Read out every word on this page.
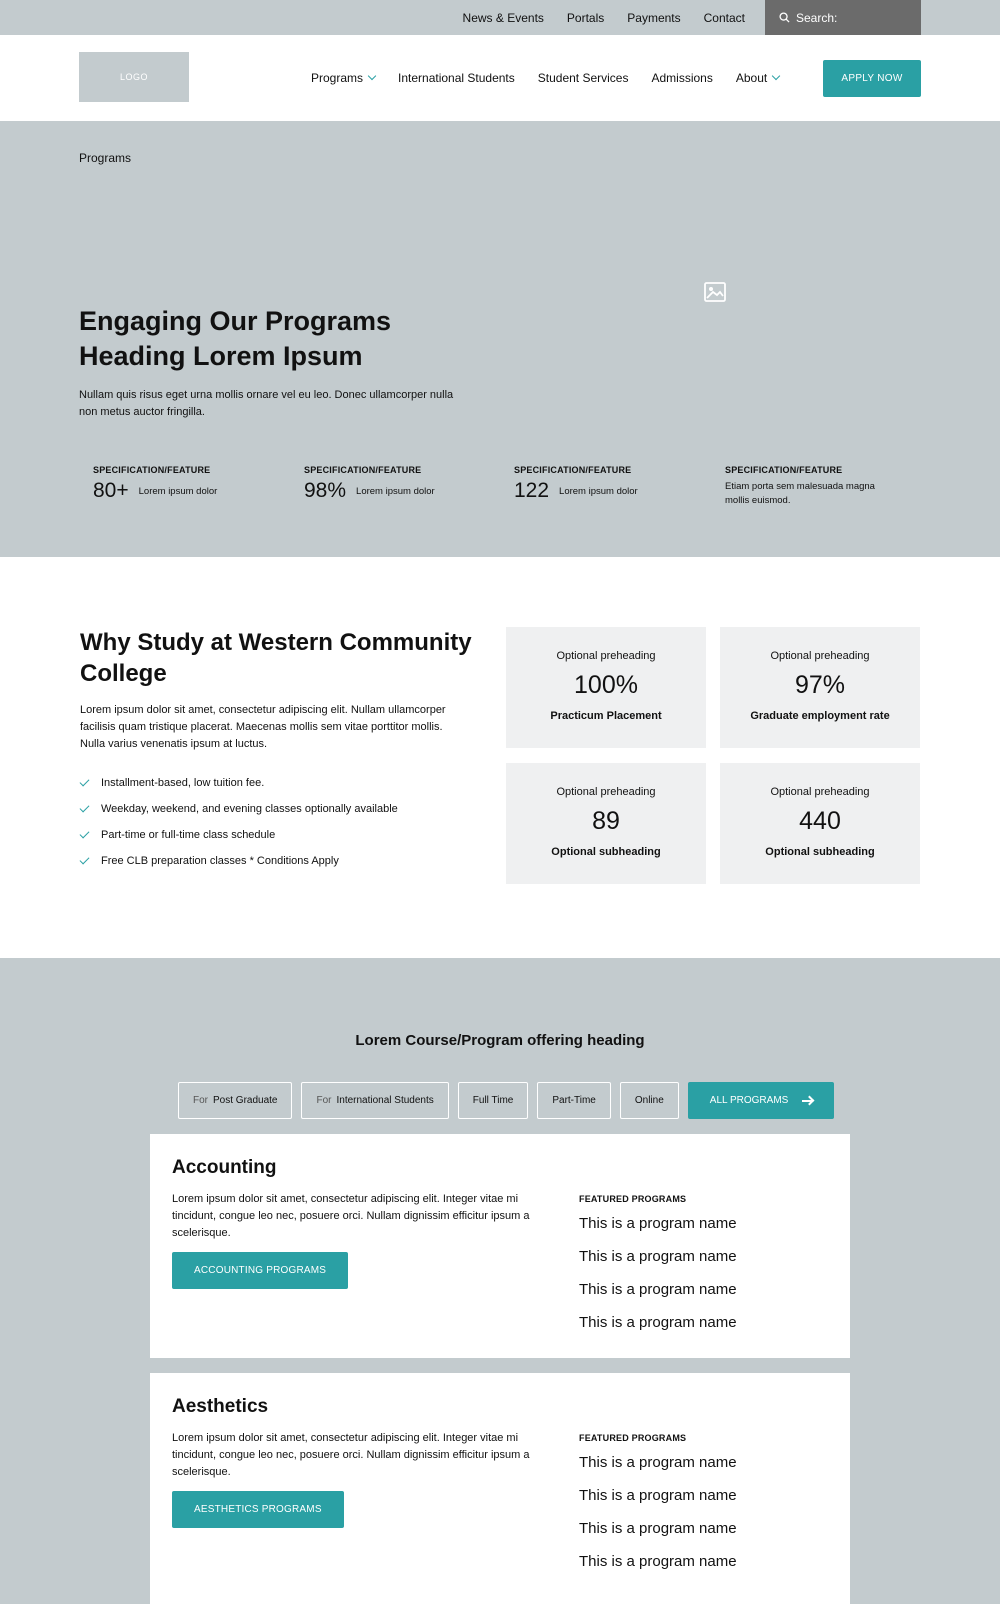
News & Events Portals Payments Contact
Search:
LOGO	Programs	International Students Student Services Admissions About	APPLY NOW
Programs
Engaging Our Programs
Heading Lorem Ipsum

Nullam quis risus eget urna mollis ornare vel eu leo. Donec ullamcorper nulla non metus auctor fringilla.

SPECIFICATION/FEATURE
80+ Lorem ipsum dolor
SPECIFICATION/FEATURE
98% Lorem ipsum dolor
SPECIFICATION/FEATURE
122 Lorem ipsum dolor
SPECIFICATION/FEATURE
Etiam porta sem malesuada magna mollis euismod.
Why Study at Western Community College

Lorem ipsum dolor sit amet, consectetur adipiscing elit. Nullam ullamcorper facilisis quam tristique placerat. Maecenas mollis sem vitae porttitor mollis. Nulla varius venenatis ipsum at luctus.

Installment-based, low tuition fee.
Weekday, weekend, and evening classes optionally available
Part-time or full-time class schedule
Free CLB preparation classes * Conditions Apply
Optional preheading
100%
Practicum Placement
Optional preheading
97%
Graduate employment rate
Optional preheading
89
Optional subheading
Optional preheading
440
Optional subheading
Lorem Course/Program offering heading
For Post Graduate	For International Students	Full Time	Part-Time	Online	ALL PROGRAMS
Accounting

Lorem ipsum dolor sit amet, consectetur adipiscing elit. Integer vitae mi tincidunt, congue leo nec, posuere orci. Nullam dignissim efficitur ipsum a scelerisque.

ACCOUNTING PROGRAMS
FEATURED PROGRAMS
This is a program name
This is a program name
This is a program name
This is a program name
Aesthetics

Lorem ipsum dolor sit amet, consectetur adipiscing elit. Integer vitae mi tincidunt, congue leo nec, posuere orci. Nullam dignissim efficitur ipsum a scelerisque.

AESTHETICS PROGRAMS
FEATURED PROGRAMS
This is a program name
This is a program name
This is a program name
This is a program name
